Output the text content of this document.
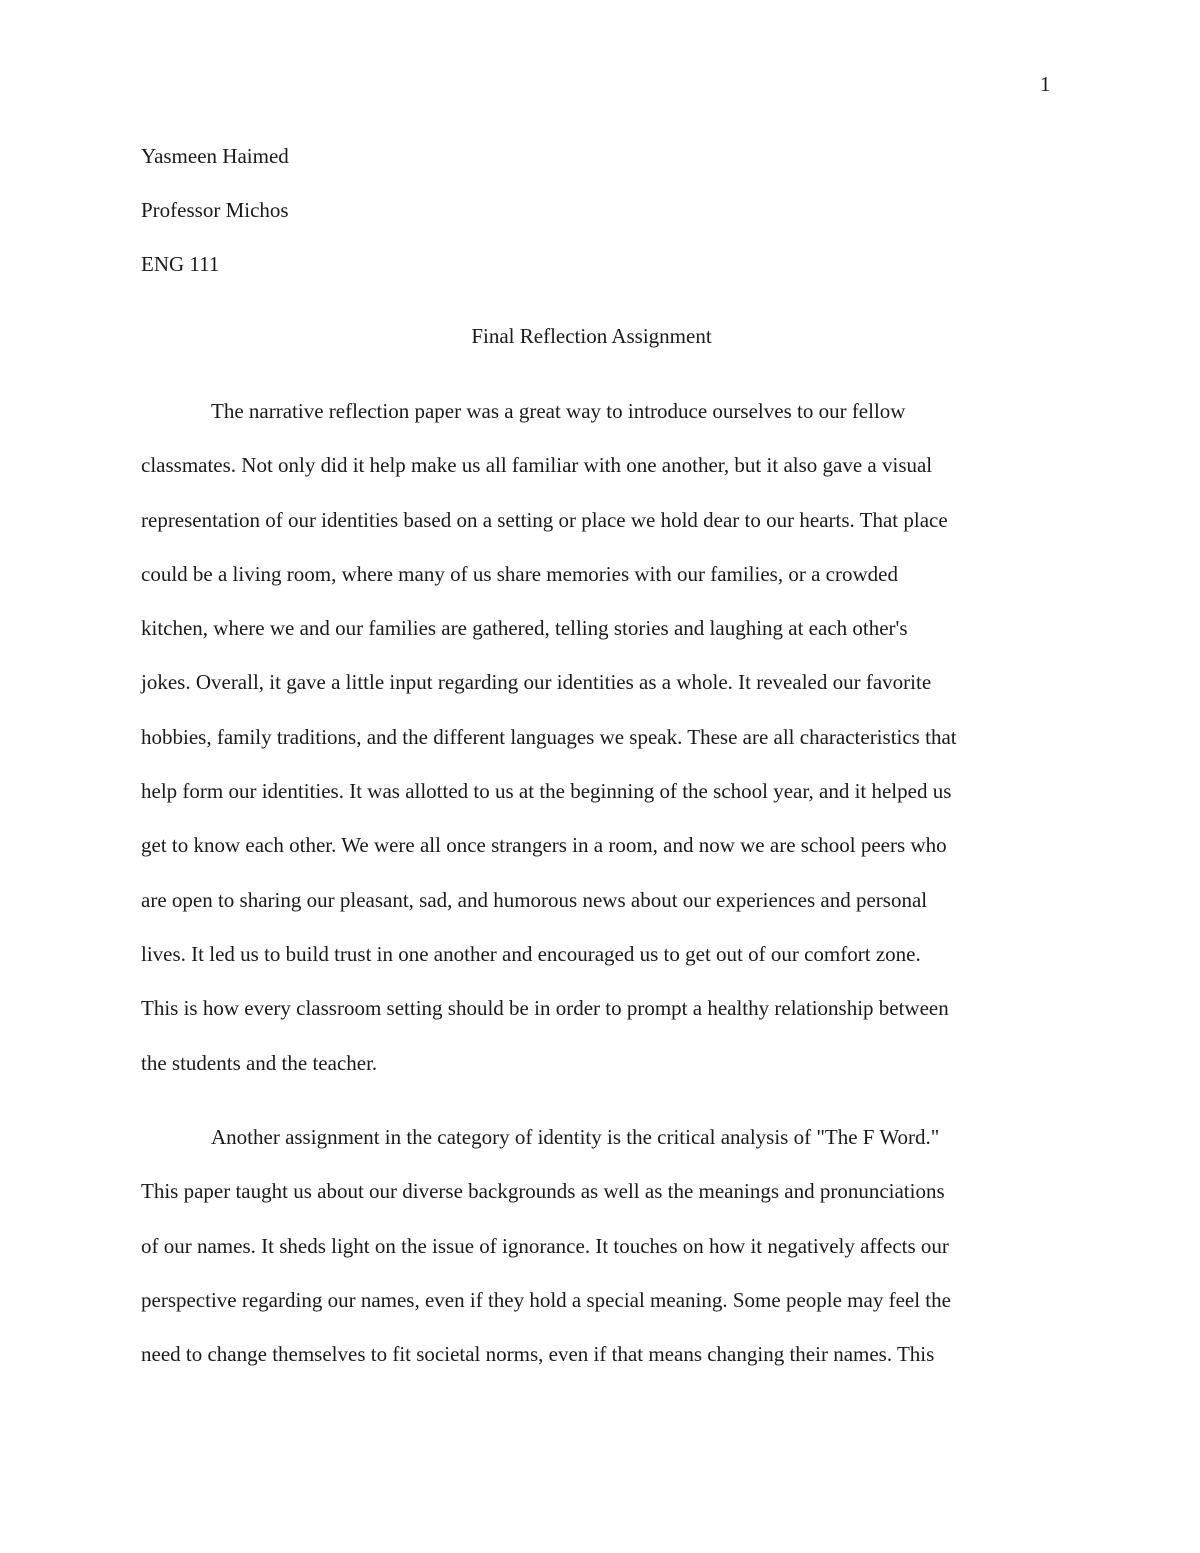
1
Yasmeen Haimed
Professor Michos
ENG 111
Final Reflection Assignment
The narrative reflection paper was a great way to introduce ourselves to our fellow
classmates. Not only did it help make us all familiar with one another, but it also gave a visual
representation of our identities based on a setting or place we hold dear to our hearts. That place
could be a living room, where many of us share memories with our families, or a crowded
kitchen, where we and our families are gathered, telling stories and laughing at each other's
jokes. Overall, it gave a little input regarding our identities as a whole. It revealed our favorite
hobbies, family traditions, and the different languages we speak. These are all characteristics that
help form our identities. It was allotted to us at the beginning of the school year, and it helped us
get to know each other. We were all once strangers in a room, and now we are school peers who
are open to sharing our pleasant, sad, and humorous news about our experiences and personal
lives. It led us to build trust in one another and encouraged us to get out of our comfort zone.
This is how every classroom setting should be in order to prompt a healthy relationship between
the students and the teacher.
Another assignment in the category of identity is the critical analysis of "The F Word."
This paper taught us about our diverse backgrounds as well as the meanings and pronunciations
of our names. It sheds light on the issue of ignorance. It touches on how it negatively affects our
perspective regarding our names, even if they hold a special meaning. Some people may feel the
need to change themselves to fit societal norms, even if that means changing their names. This
